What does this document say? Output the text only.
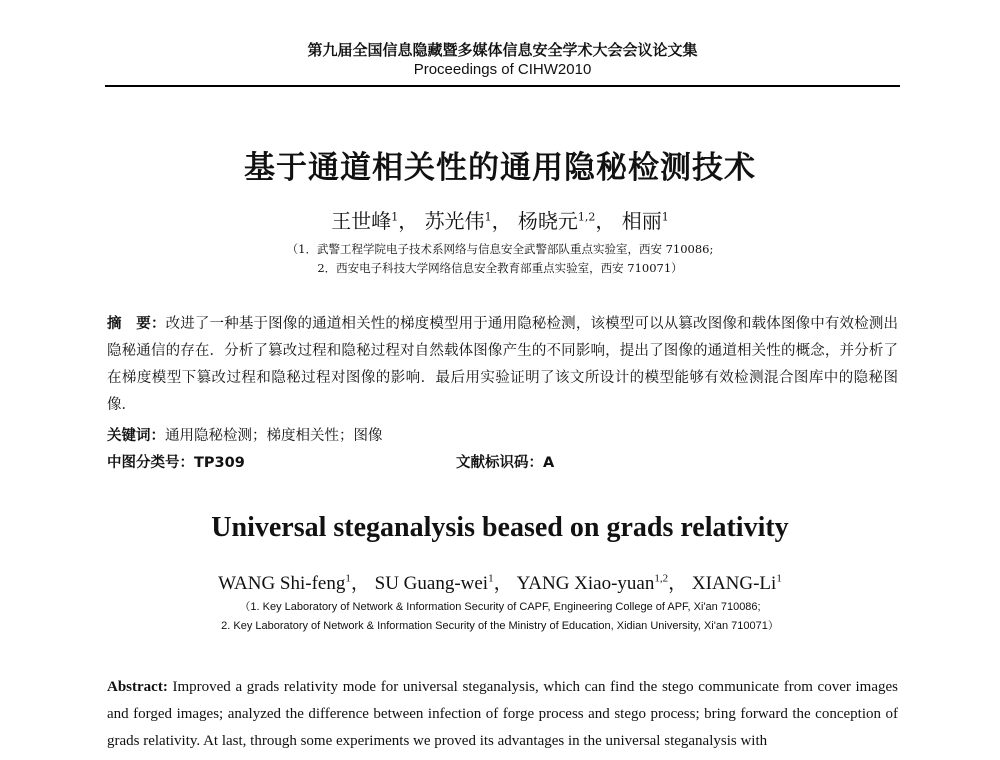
第九届全国信息隐藏暨多媒体信息安全学术大会会议论文集
Proceedings of CIHW2010
基于通道相关性的通用隐秘检测技术
王世峰$^1$， 苏光伟$^1$， 杨晓元$^{1,2}$， 相丽$^1$
（1．武警工程学院电子技术系网络与信息安全武警部队重点实验室，西安 710086;
2．西安电子科技大学网络信息安全教育部重点实验室，西安 710071）
摘　要：改进了一种基于图像的通道相关性的梯度模型用于通用隐秘检测，该模型可以从篡改图像和载体图像中有效检测出隐秘通信的存在．分析了篡改过程和隐秘过程对自然载体图像产生的不同影响，提出了图像的通道相关性的概念，并分析了在梯度模型下篡改过程和隐秘过程对图像的影响．最后用实验证明了该文所设计的模型能够有效检测混合图库中的隐秘图像．
关键词：通用隐秘检测；梯度相关性；图像
中图分类号：TP309	文献标识码：A
Universal steganalysis beased on grads relativity
WANG Shi-feng$^1$， SU Guang-wei$^1$， YANG Xiao-yuan$^{1,2}$， XIANG-Li$^1$
（1. Key Laboratory of Network & Information Security of CAPF, Engineering College of APF, Xi'an 710086;
2. Key Laboratory of Network & Information Security of the Ministry of Education, Xidian University, Xi'an 710071）
Abstract: Improved a grads relativity mode for universal steganalysis, which can find the stego communicate from cover images and forged images; analyzed the difference between infection of forge process and stego process; bring forward the conception of grads relativity. At last, through some experiments we proved its advantages in the universal steganalysis with
